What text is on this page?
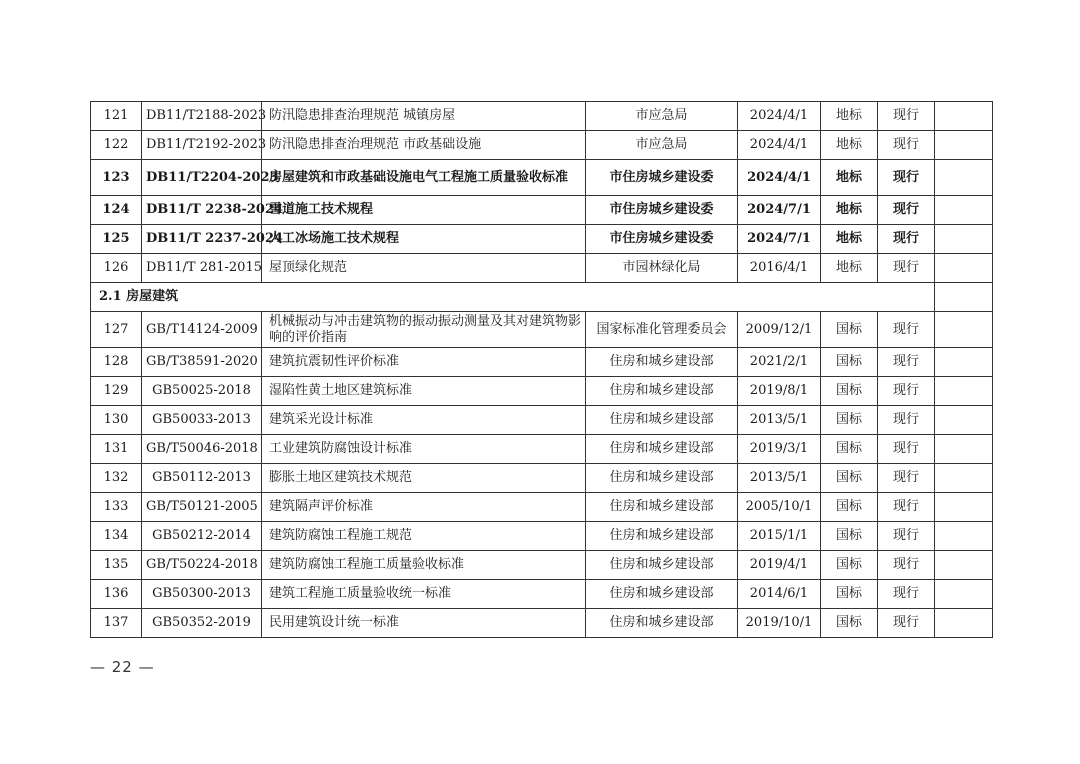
121	DB11/T2188-2023	防汛隐患排查治理规范 城镇房屋	市应急局	2024/4/1	地标	现行	
122	DB11/T2192-2023	防汛隐患排查治理规范 市政基础设施	市应急局	2024/4/1	地标	现行	
123	DB11/T2204-2023	房屋建筑和市政基础设施电气工程施工质量验收标准	市住房城乡建设委	2024/4/1	地标	现行	
124	DB11/T 2238-2024	雪道施工技术规程	市住房城乡建设委	2024/7/1	地标	现行	
125	DB11/T 2237-2024	人工冰场施工技术规程	市住房城乡建设委	2024/7/1	地标	现行	
126	DB11/T 281-2015	屋顶绿化规范	市园林绿化局	2016/4/1	地标	现行	
2.1 房屋建筑							
127	GB/T14124-2009	机械振动与冲击建筑物的振动振动测量及其对建筑物影响的评价指南	国家标准化管理委员会	2009/12/1	国标	现行	
128	GB/T38591-2020	建筑抗震韧性评价标准	住房和城乡建设部	2021/2/1	国标	现行	
129	GB50025-2018	湿陷性黄土地区建筑标准	住房和城乡建设部	2019/8/1	国标	现行	
130	GB50033-2013	建筑采光设计标准	住房和城乡建设部	2013/5/1	国标	现行	
131	GB/T50046-2018	工业建筑防腐蚀设计标准	住房和城乡建设部	2019/3/1	国标	现行	
132	GB50112-2013	膨胀土地区建筑技术规范	住房和城乡建设部	2013/5/1	国标	现行	
133	GB/T50121-2005	建筑隔声评价标准	住房和城乡建设部	2005/10/1	国标	现行	
134	GB50212-2014	建筑防腐蚀工程施工规范	住房和城乡建设部	2015/1/1	国标	现行	
135	GB/T50224-2018	建筑防腐蚀工程施工质量验收标准	住房和城乡建设部	2019/4/1	国标	现行	
136	GB50300-2013	建筑工程施工质量验收统一标准	住房和城乡建设部	2014/6/1	国标	现行	
137	GB50352-2019	民用建筑设计统一标准	住房和城乡建设部	2019/10/1	国标	现行	
— 22 —
